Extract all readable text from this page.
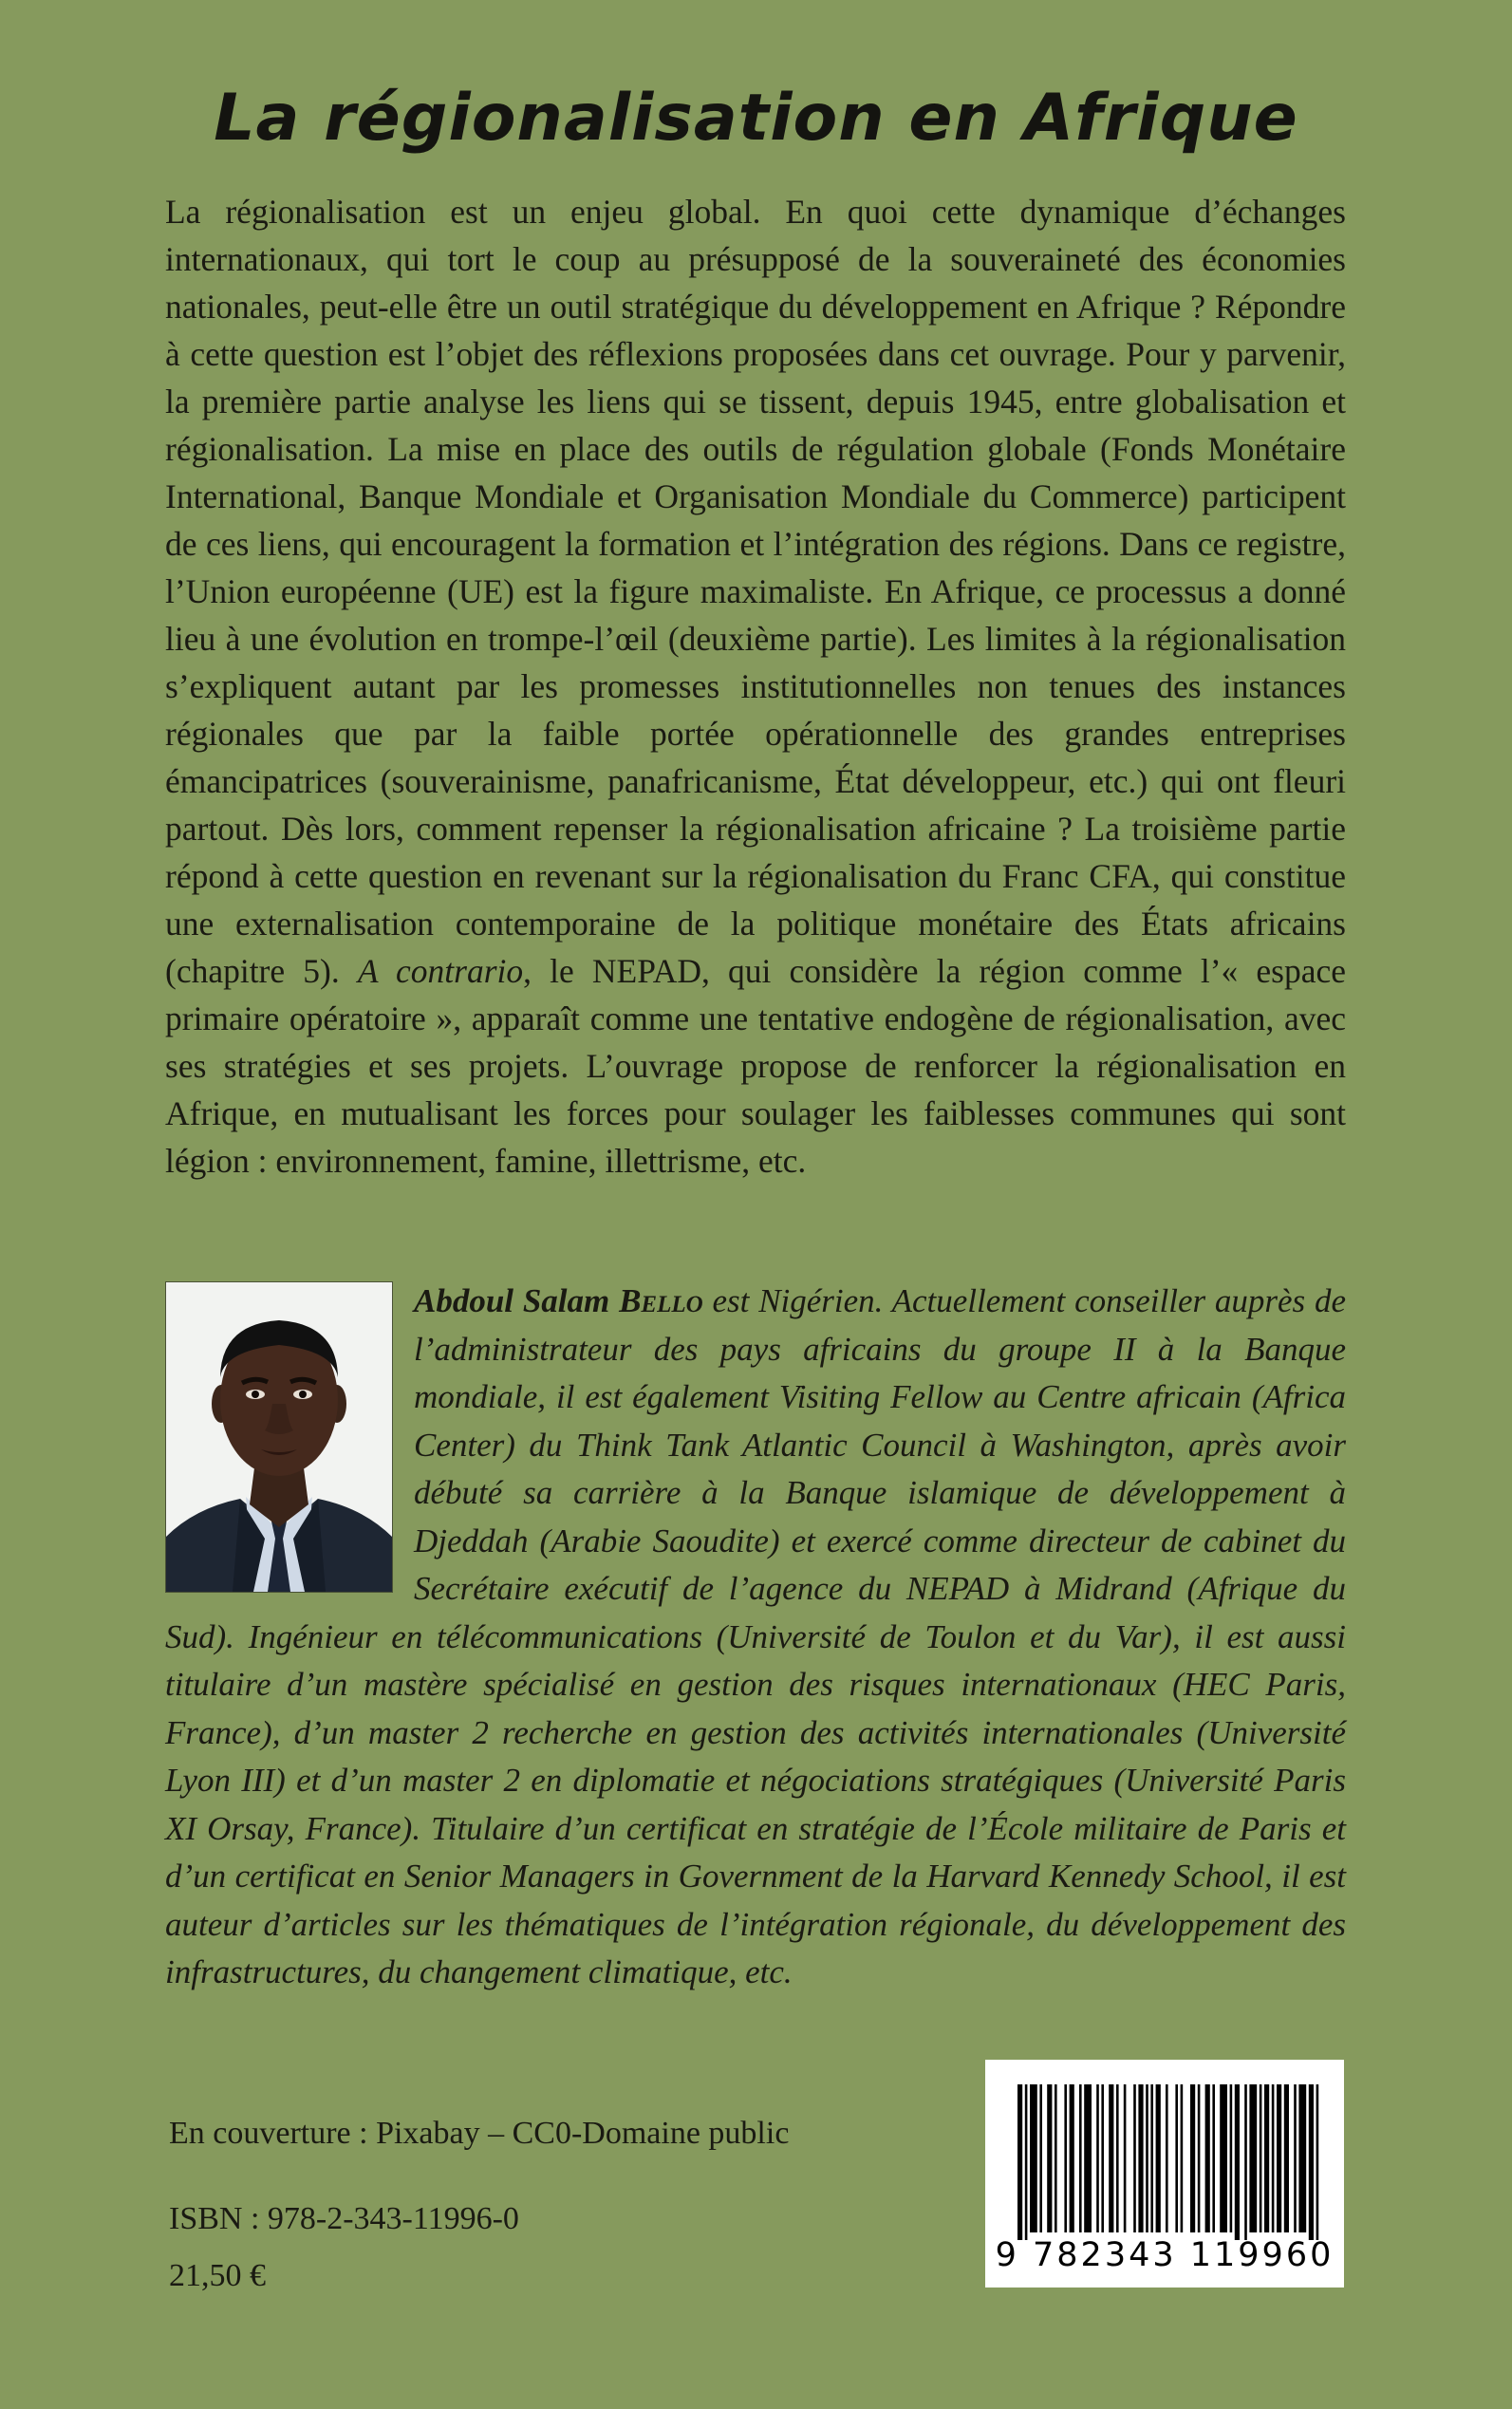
La régionalisation en Afrique

La régionalisation est un enjeu global. En quoi cette dynamique d’échanges internationaux, qui tort le coup au présupposé de la souveraineté des économies nationales, peut-elle être un outil stratégique du développement en Afrique ? Répondre à cette question est l’objet des réflexions proposées dans cet ouvrage. Pour y parvenir, la première partie analyse les liens qui se tissent, depuis 1945, entre globalisation et régionalisation. La mise en place des outils de régulation globale (Fonds Monétaire International, Banque Mondiale et Organisation Mondiale du Commerce) participent de ces liens, qui encouragent la formation et l’intégration des régions. Dans ce registre, l’Union européenne (UE) est la figure maximaliste. En Afrique, ce processus a donné lieu à une évolution en trompe-l’œil (deuxième partie). Les limites à la régionalisation s’expliquent autant par les promesses institutionnelles non tenues des instances régionales que par la faible portée opérationnelle des grandes entreprises émancipatrices (souverainisme, panafricanisme, État développeur, etc.) qui ont fleuri partout. Dès lors, comment repenser la régionalisation africaine ? La troisième partie répond à cette question en revenant sur la régionalisation du Franc CFA, qui constitue une externalisation contemporaine de la politique monétaire des États africains (chapitre 5). A contrario, le NEPAD, qui considère la région comme l’« espace primaire opératoire », apparaît comme une tentative endogène de régionalisation, avec ses stratégies et ses projets. L’ouvrage propose de renforcer la régionalisation en Afrique, en mutualisant les forces pour soulager les faiblesses communes qui sont légion : environnement, famine, illettrisme, etc.

Abdoul Salam Bello est Nigérien. Actuellement conseiller auprès de l’administrateur des pays africains du groupe II à la Banque mondiale, il est également Visiting Fellow au Centre africain (Africa Center) du Think Tank Atlantic Council à Washington, après avoir débuté sa carrière à la Banque islamique de développement à Djeddah (Arabie Saoudite) et exercé comme directeur de cabinet du Secrétaire exécutif de l’agence du NEPAD à Midrand (Afrique du Sud). Ingénieur en télécommunications (Université de Toulon et du Var), il est aussi titulaire d’un mastère spécialisé en gestion des risques internationaux (HEC Paris, France), d’un master 2 recherche en gestion des activités internationales (Université Lyon III) et d’un master 2 en diplomatie et négociations stratégiques (Université Paris XI Orsay, France). Titulaire d’un certificat en stratégie de l’École militaire de Paris et d’un certificat en Senior Managers in Government de la Harvard Kennedy School, il est auteur d’articles sur les thématiques de l’intégration régionale, du développement des infrastructures, du changement climatique, etc.

En couverture : Pixabay – CC0-Domaine public

ISBN : 978-2-343-11996-0

21,50 €

9 782343 119960
